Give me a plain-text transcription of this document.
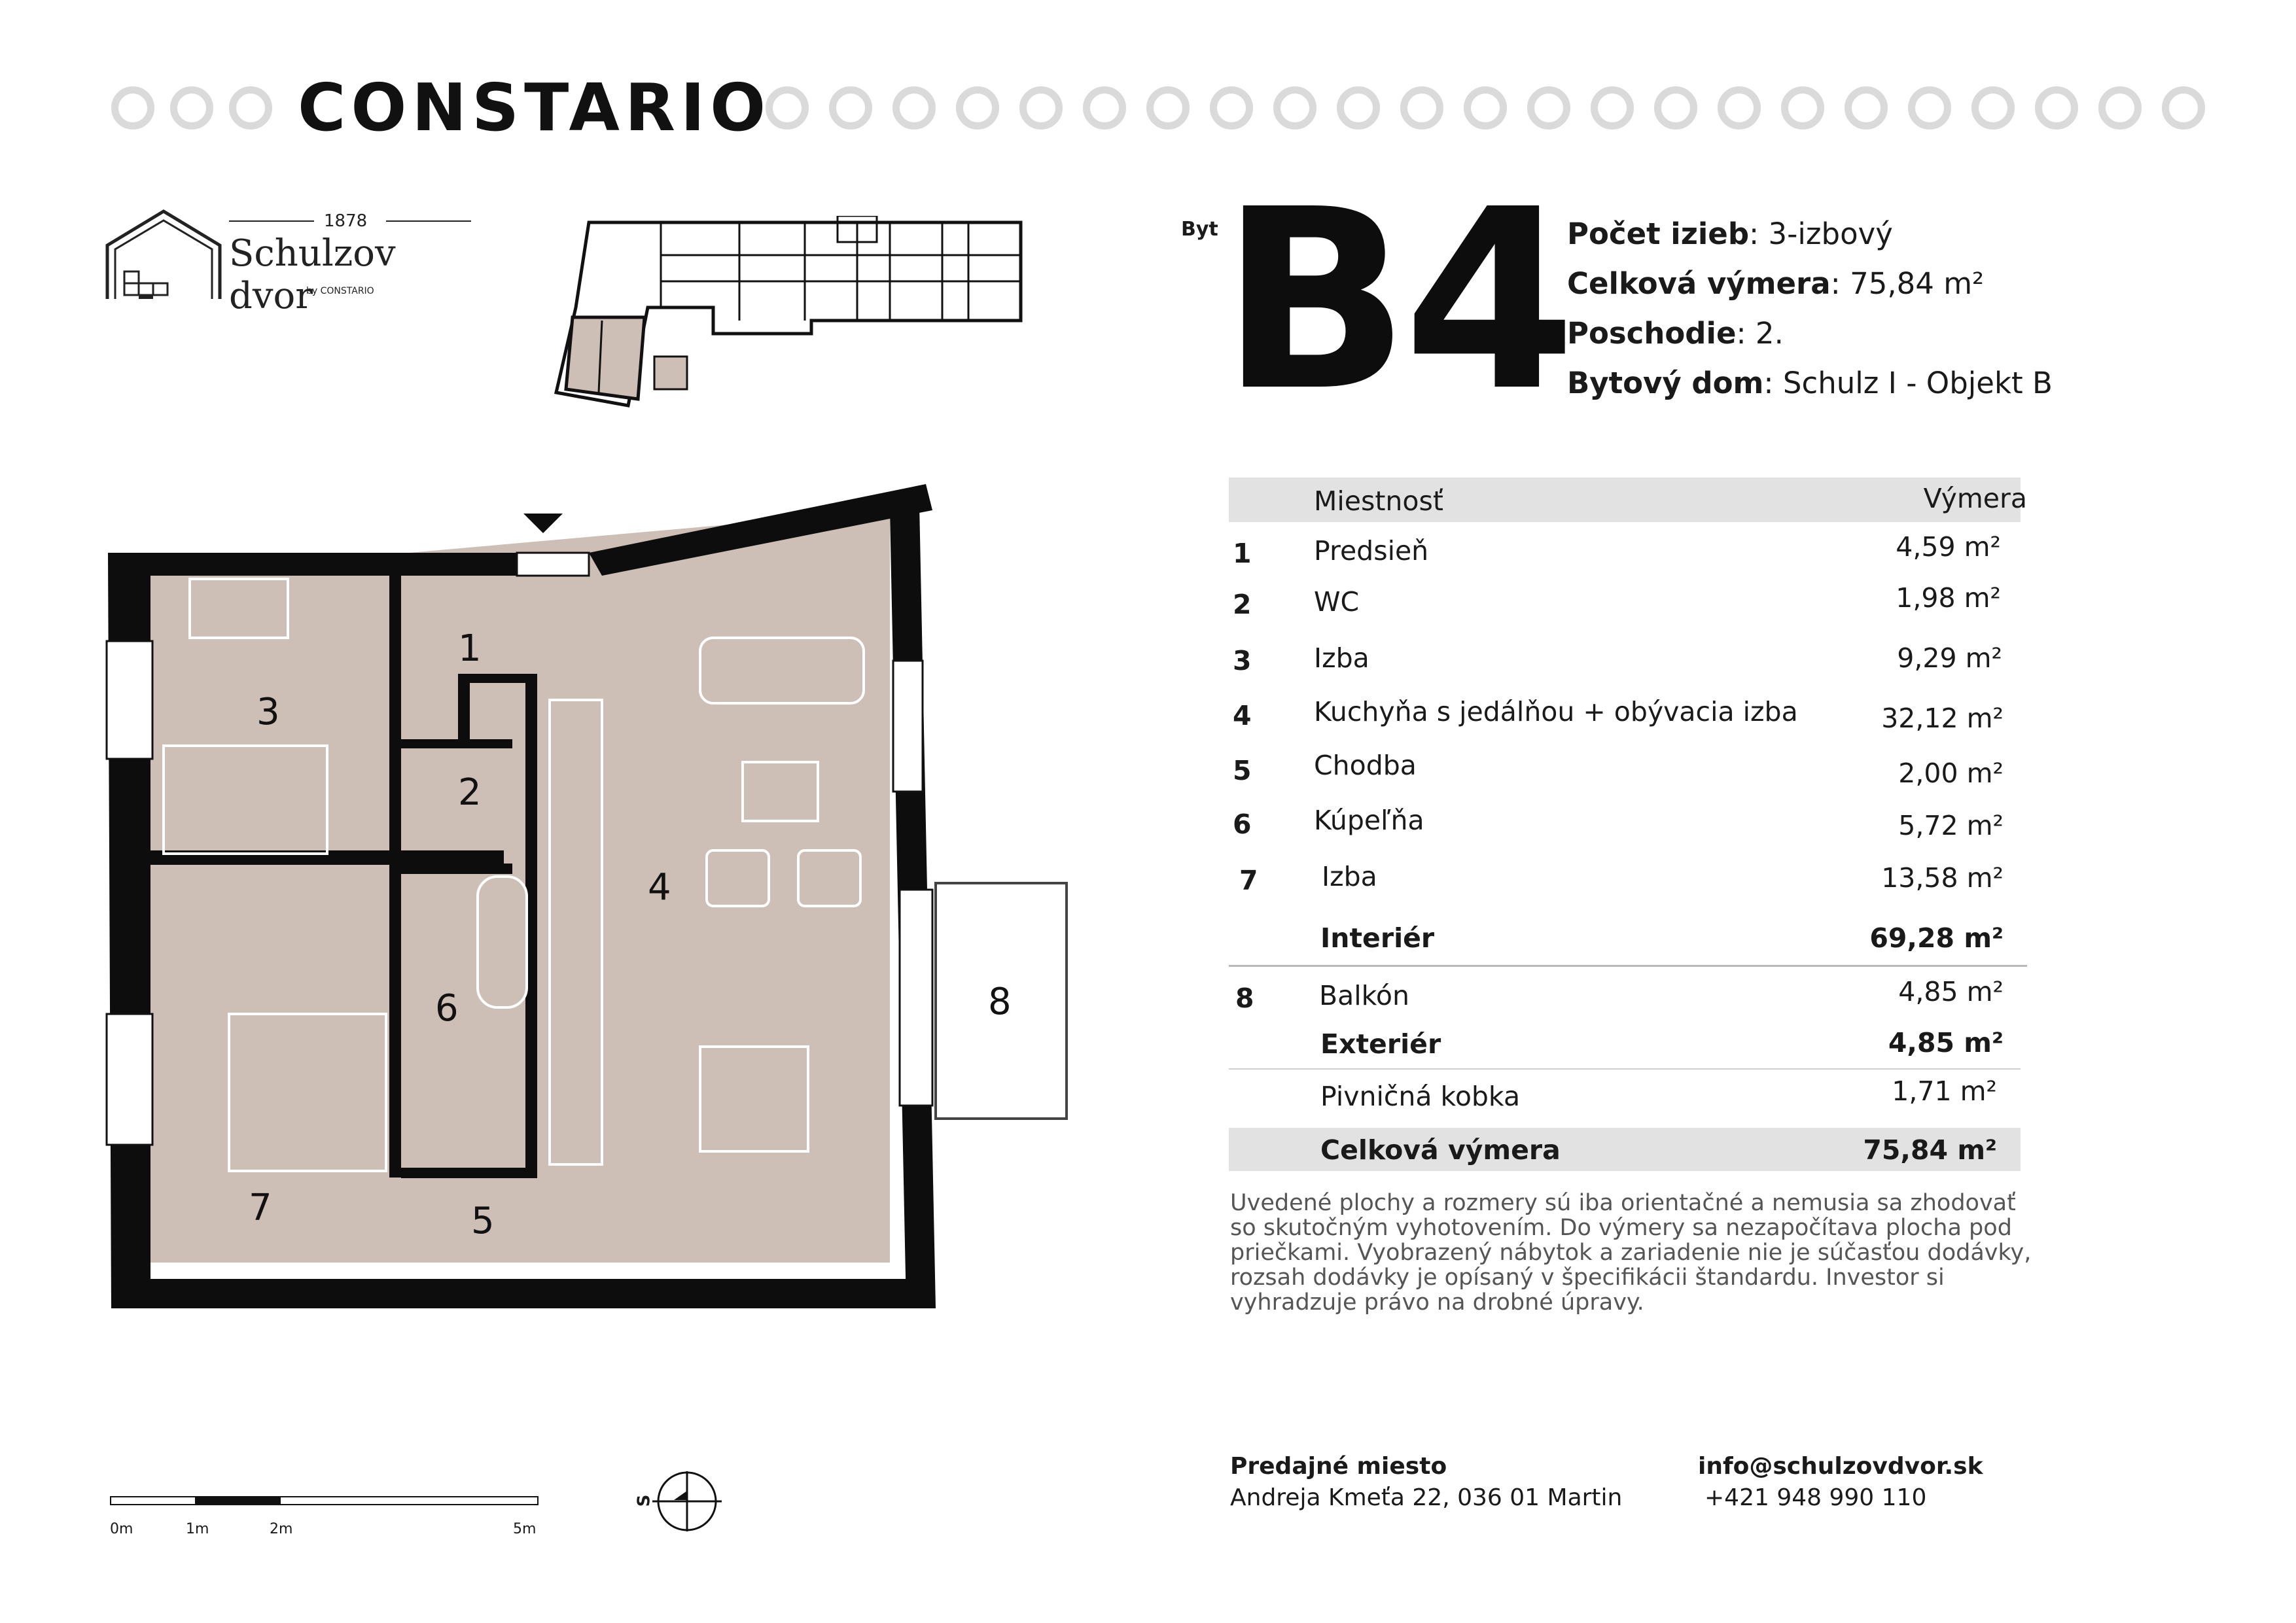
CONSTARIO
1878
Schulzov dvor
by CONSTARIO
Byt B4
Počet izieb: 3-izbový
Celková výmera: 75,84 m²
Poschodie: 2.
Bytový dom: Schulz I - Objekt B
Miestnosť	Výmera
1 Predsieň	4,59 m²
2 WC	1,98 m²
3 Izba	9,29 m²
4 Kuchyňa s jedálňou + obývacia izba	32,12 m²
5 Chodba	2,00 m²
6 Kúpeľňa	5,72 m²
7 Izba	13,58 m²
Interiér	69,28 m²
8 Balkón	4,85 m²
Exteriér	4,85 m²
Pivničná kobka	1,71 m²
Celková výmera	75,84 m²
Uvedené plochy a rozmery sú iba orientačné a nemusia sa zhodovať so skutočným vyhotovením. Do výmery sa nezapočítava plocha pod priečkami. Vyobrazený nábytok a zariadenie nie je súčasťou dodávky, rozsah dodávky je opísaný v špecifikácii štandardu. Investor si vyhradzuje právo na drobné úpravy.
Predajné miesto
Andreja Kmeťa 22, 036 01 Martin
info@schulzovdvor.sk
+421 948 990 110
0m	1m	2m	5m
S
1
2
3
4
5
6
7
8
